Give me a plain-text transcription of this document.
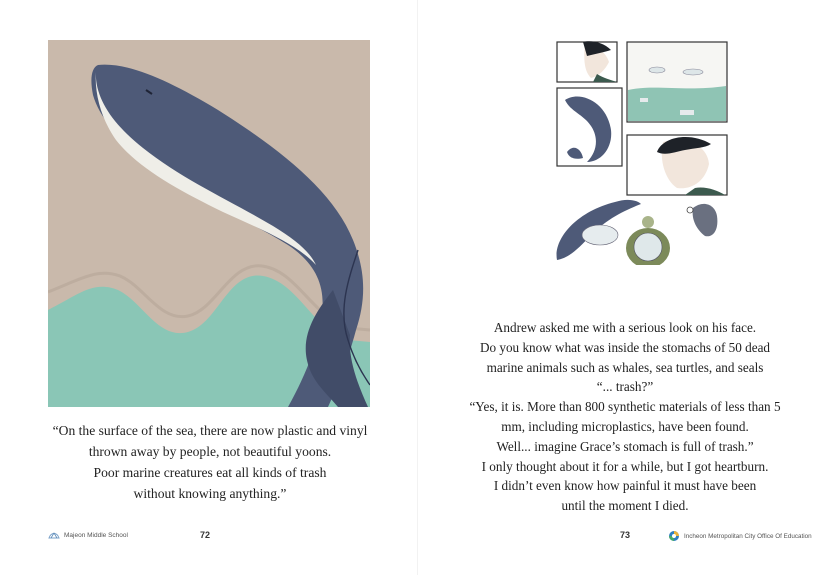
“On the surface of the sea, there are now plastic and vinyl
thrown away by people, not beautiful yoons.
Poor marine creatures eat all kinds of trash
without knowing anything.”
Andrew asked me with a serious look on his face.
Do you know what was inside the stomachs of 50 dead
marine animals such as whales, sea turtles, and seals
“... trash?”
“Yes, it is. More than 800 synthetic materials of less than 5
mm, including microplastics, have been found.
Well... imagine Grace’s stomach is full of trash.”
I only thought about it for a while, but I got heartburn.
I didn’t even know how painful it must have been
until the moment I died.
Majeon Middle School	72	73	Incheon Metropolitan City Office Of Education
